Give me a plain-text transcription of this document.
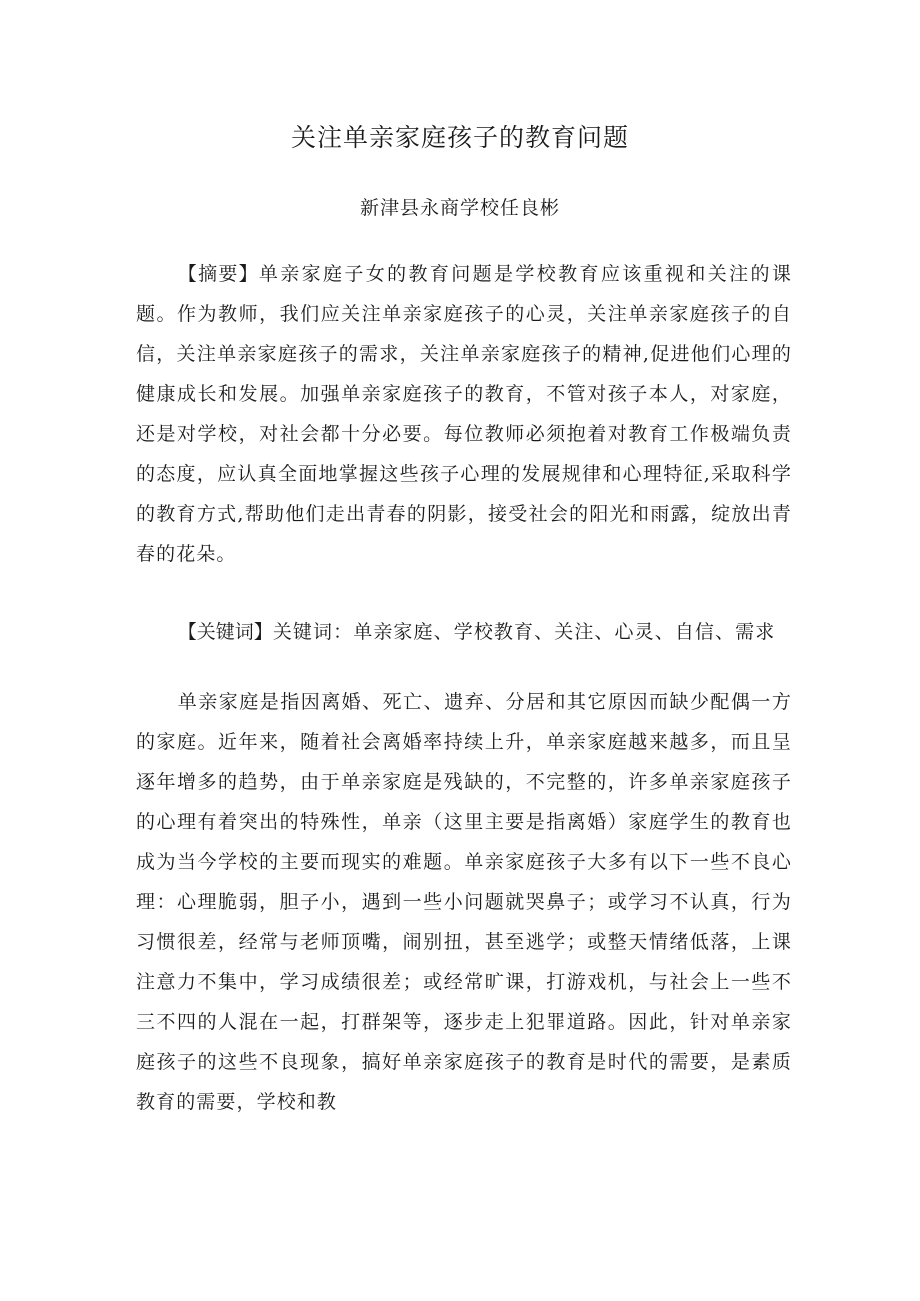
关注单亲家庭孩子的教育问题

新津县永商学校任良彬

【摘要】单亲家庭子女的教育问题是学校教育应该重视和关注的课题。作为教师，我们应关注单亲家庭孩子的心灵，关注单亲家庭孩子的自信，关注单亲家庭孩子的需求，关注单亲家庭孩子的精神,促进他们心理的健康成长和发展。加强单亲家庭孩子的教育，不管对孩子本人，对家庭，还是对学校，对社会都十分必要。每位教师必须抱着对教育工作极端负责的态度，应认真全面地掌握这些孩子心理的发展规律和心理特征,采取科学的教育方式,帮助他们走出青春的阴影，接受社会的阳光和雨露，绽放出青春的花朵。

【关键词】关键词：单亲家庭、学校教育、关注、心灵、自信、需求

单亲家庭是指因离婚、死亡、遗弃、分居和其它原因而缺少配偶一方的家庭。近年来，随着社会离婚率持续上升，单亲家庭越来越多，而且呈逐年增多的趋势，由于单亲家庭是残缺的，不完整的，许多单亲家庭孩子的心理有着突出的特殊性，单亲（这里主要是指离婚）家庭学生的教育也成为当今学校的主要而现实的难题。单亲家庭孩子大多有以下一些不良心理：心理脆弱，胆子小，遇到一些小问题就哭鼻子；或学习不认真，行为习惯很差，经常与老师顶嘴，闹别扭，甚至逃学；或整天情绪低落，上课注意力不集中，学习成绩很差；或经常旷课，打游戏机，与社会上一些不三不四的人混在一起，打群架等，逐步走上犯罪道路。因此，针对单亲家庭孩子的这些不良现象，搞好单亲家庭孩子的教育是时代的需要，是素质教育的需要，学校和教
